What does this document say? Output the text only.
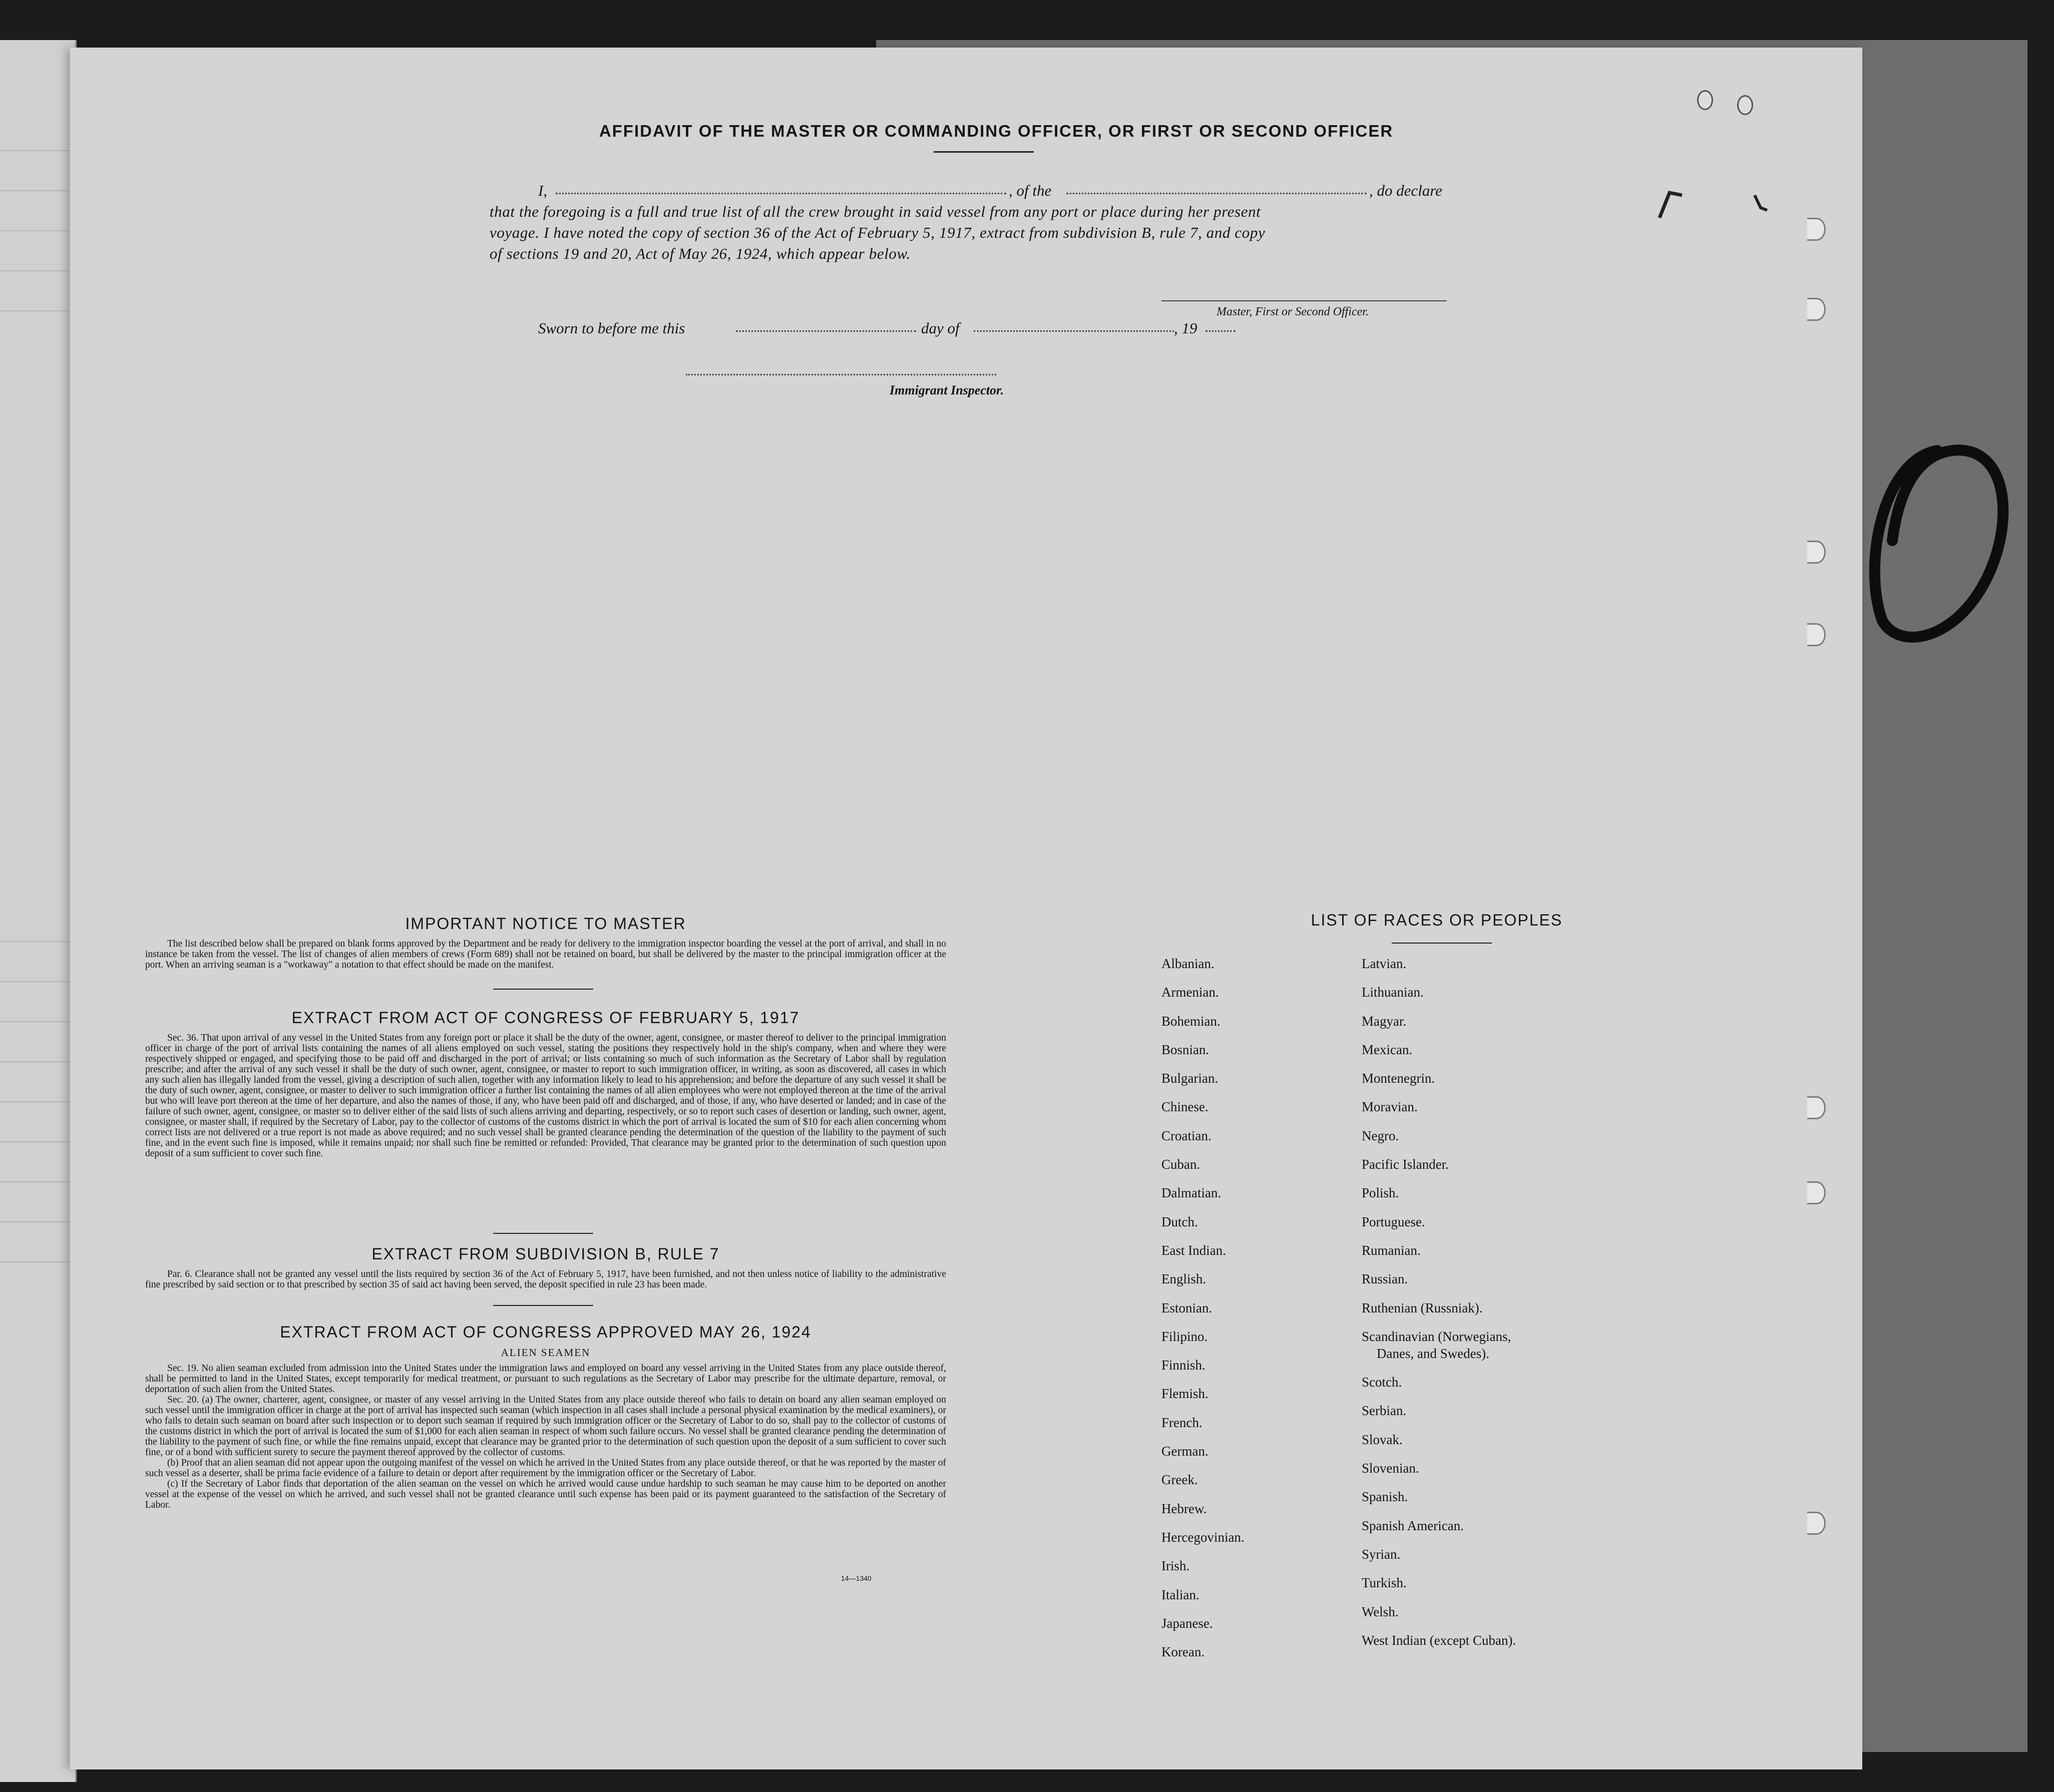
AFFIDAVIT OF THE MASTER OR COMMANDING OFFICER, OR FIRST OR SECOND OFFICER
I,	, of the	, do declare
that the foregoing is a full and true list of all the crew brought in said vessel from any port or place during her present
voyage. I have noted the copy of section 36 of the Act of February 5, 1917, extract from subdivision B, rule 7, and copy
of sections 19 and 20, Act of May 26, 1924, which appear below.
Master, First or Second Officer.
Sworn to before me this	day of	, 19
Immigrant Inspector.
IMPORTANT NOTICE TO MASTER

The list described below shall be prepared on blank forms approved by the Department and be ready for delivery to the immigration inspector boarding the vessel at the port of arrival, and shall in no instance be taken from the vessel. The list of changes of alien members of crews (Form 689) shall not be retained on board, but shall be delivered by the master to the principal immigration officer at the port. When an arriving seaman is a "workaway" a notation to that effect should be made on the manifest.

EXTRACT FROM ACT OF CONGRESS OF FEBRUARY 5, 1917

Sec. 36. That upon arrival of any vessel in the United States from any foreign port or place it shall be the duty of the owner, agent, consignee, or master thereof to deliver to the principal immigration officer in charge of the port of arrival lists containing the names of all aliens employed on such vessel, stating the positions they respectively hold in the ship's company, when and where they were respectively shipped or engaged, and specifying those to be paid off and discharged in the port of arrival; or lists containing so much of such information as the Secretary of Labor shall by regulation prescribe; and after the arrival of any such vessel it shall be the duty of such owner, agent, consignee, or master to report to such immigration officer, in writing, as soon as discovered, all cases in which any such alien has illegally landed from the vessel, giving a description of such alien, together with any information likely to lead to his apprehension; and before the departure of any such vessel it shall be the duty of such owner, agent, consignee, or master to deliver to such immigration officer a further list containing the names of all alien employees who were not employed thereon at the time of the arrival but who will leave port thereon at the time of her departure, and also the names of those, if any, who have been paid off and discharged, and of those, if any, who have deserted or landed; and in case of the failure of such owner, agent, consignee, or master so to deliver either of the said lists of such aliens arriving and departing, respectively, or so to report such cases of desertion or landing, such owner, agent, consignee, or master shall, if required by the Secretary of Labor, pay to the collector of customs of the customs district in which the port of arrival is located the sum of $10 for each alien concerning whom correct lists are not delivered or a true report is not made as above required; and no such vessel shall be granted clearance pending the determination of the question of the liability to the payment of such fine, and in the event such fine is imposed, while it remains unpaid; nor shall such fine be remitted or refunded: Provided, That clearance may be granted prior to the determination of such question upon deposit of a sum sufficient to cover such fine.

EXTRACT FROM SUBDIVISION B, RULE 7

Par. 6. Clearance shall not be granted any vessel until the lists required by section 36 of the Act of February 5, 1917, have been furnished, and not then unless notice of liability to the administrative fine prescribed by said section or to that prescribed by section 35 of said act having been served, the deposit specified in rule 23 has been made.

EXTRACT FROM ACT OF CONGRESS APPROVED MAY 26, 1924
ALIEN SEAMEN

Sec. 19. No alien seaman excluded from admission into the United States under the immigration laws and employed on board any vessel arriving in the United States from any place outside thereof, shall be permitted to land in the United States, except temporarily for medical treatment, or pursuant to such regulations as the Secretary of Labor may prescribe for the ultimate departure, removal, or deportation of such alien from the United States.

Sec. 20. (a) The owner, charterer, agent, consignee, or master of any vessel arriving in the United States from any place outside thereof who fails to detain on board any alien seaman employed on such vessel until the immigration officer in charge at the port of arrival has inspected such seaman (which inspection in all cases shall include a personal physical examination by the medical examiners), or who fails to detain such seaman on board after such inspection or to deport such seaman if required by such immigration officer or the Secretary of Labor to do so, shall pay to the collector of customs of the customs district in which the port of arrival is located the sum of $1,000 for each alien seaman in respect of whom such failure occurs. No vessel shall be granted clearance pending the determination of the liability to the payment of such fine, or while the fine remains unpaid, except that clearance may be granted prior to the determination of such question upon the deposit of a sum sufficient to cover such fine, or of a bond with sufficient surety to secure the payment thereof approved by the collector of customs.

(b) Proof that an alien seaman did not appear upon the outgoing manifest of the vessel on which he arrived in the United States from any place outside thereof, or that he was reported by the master of such vessel as a deserter, shall be prima facie evidence of a failure to detain or deport after requirement by the immigration officer or the Secretary of Labor.

(c) If the Secretary of Labor finds that deportation of the alien seaman on the vessel on which he arrived would cause undue hardship to such seaman he may cause him to be deported on another vessel at the expense of the vessel on which he arrived, and such vessel shall not be granted clearance until such expense has been paid or its payment guaranteed to the satisfaction of the Secretary of Labor.

14—1340
LIST OF RACES OR PEOPLES
Albanian.
Armenian.
Bohemian.
Bosnian.
Bulgarian.
Chinese.
Croatian.
Cuban.
Dalmatian.
Dutch.
East Indian.
English.
Estonian.
Filipino.
Finnish.
Flemish.
French.
German.
Greek.
Hebrew.
Hercegovinian.
Irish.
Italian.
Japanese.
Korean.
Latvian.
Lithuanian.
Magyar.
Mexican.
Montenegrin.
Moravian.
Negro.
Pacific Islander.
Polish.
Portuguese.
Rumanian.
Russian.
Ruthenian (Russniak).
Scandinavian (Norwegians,
Danes, and Swedes).
Scotch.
Serbian.
Slovak.
Slovenian.
Spanish.
Spanish American.
Syrian.
Turkish.
Welsh.
West Indian (except Cuban).
